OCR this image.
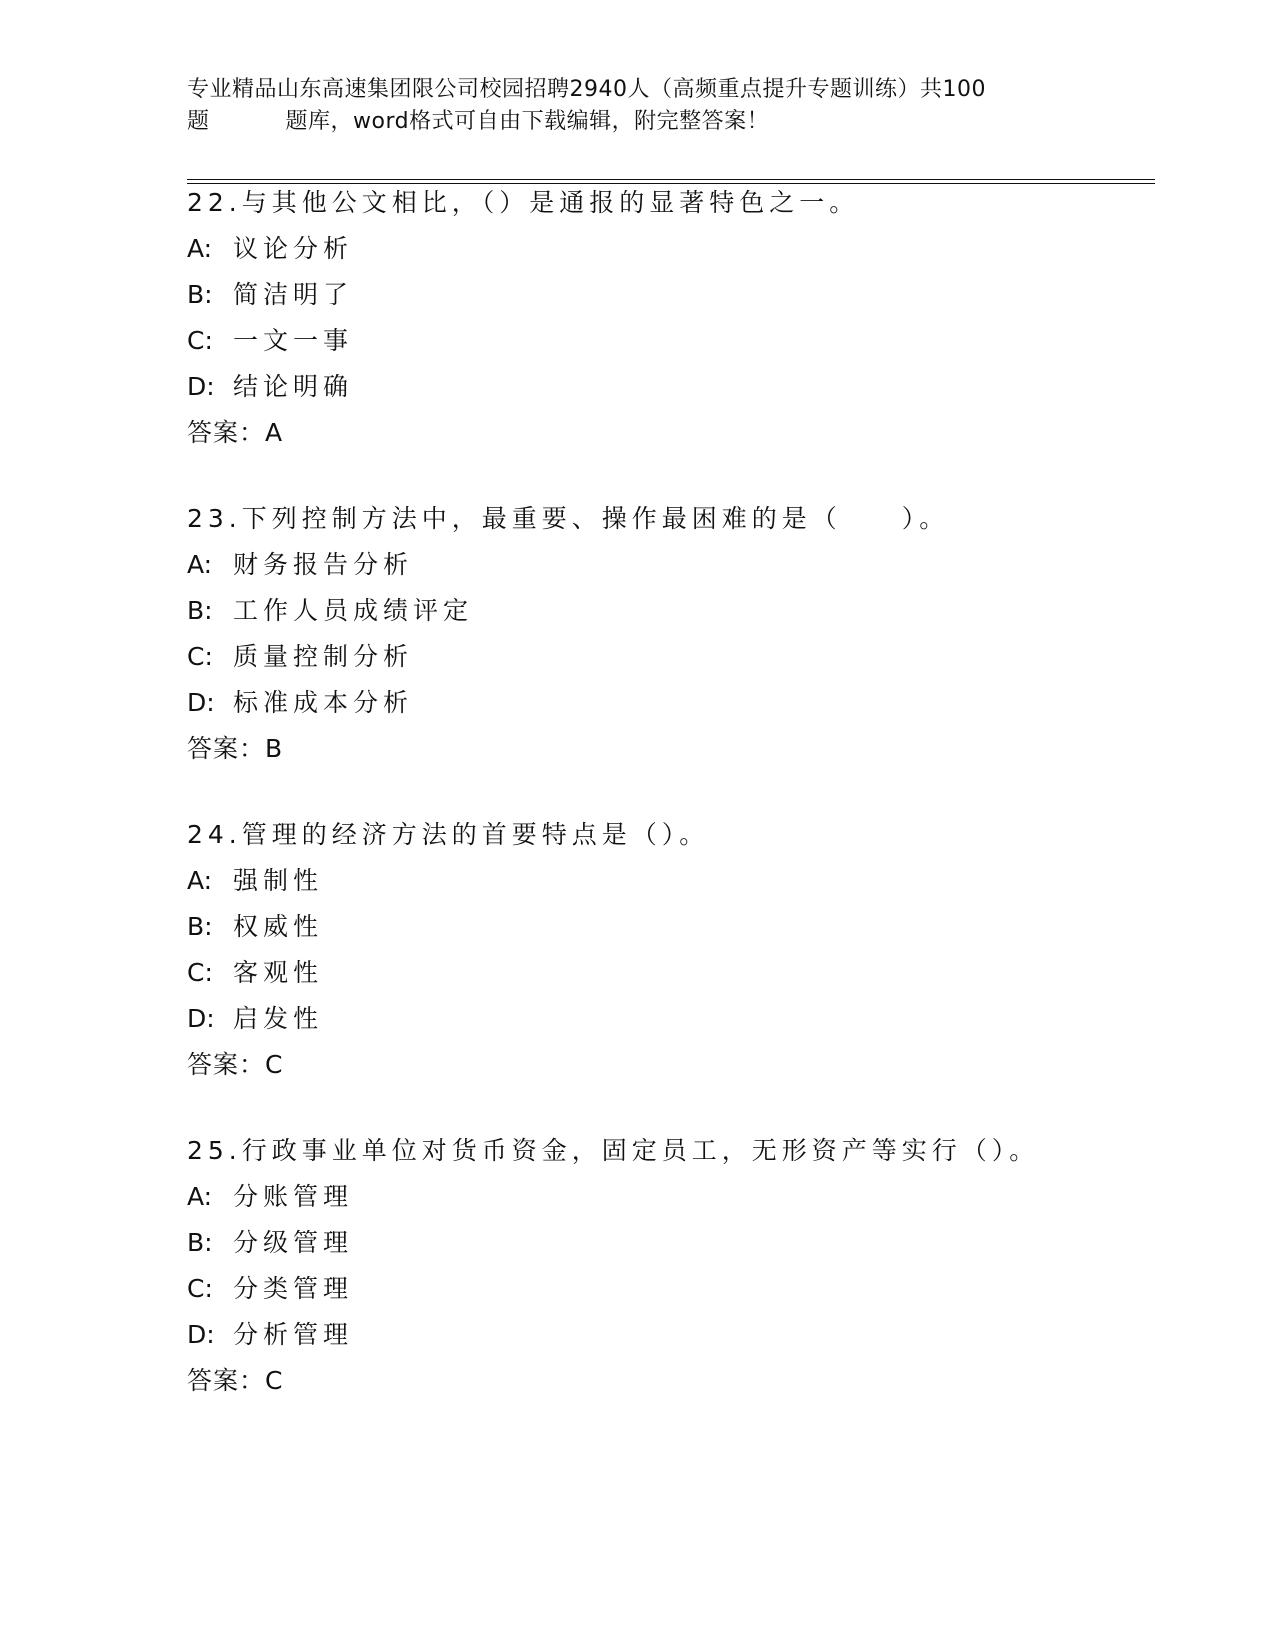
专业精品山东高速集团限公司校园招聘2940人（高频重点提升专题训练）共100
题	题库，word格式可自由下载编辑，附完整答案！
22.与其他公文相比，（）是通报的显著特色之一。
A: 议论分析
B: 简洁明了
C: 一文一事
D: 结论明确
答案：A
23.下列控制方法中，最重要、操作最困难的是（　　）。
A: 财务报告分析
B: 工作人员成绩评定
C: 质量控制分析
D: 标准成本分析
答案：B
24.管理的经济方法的首要特点是（）。
A: 强制性
B: 权威性
C: 客观性
D: 启发性
答案：C
25.行政事业单位对货币资金，固定员工，无形资产等实行（）。
A: 分账管理
B: 分级管理
C: 分类管理
D: 分析管理
答案：C
